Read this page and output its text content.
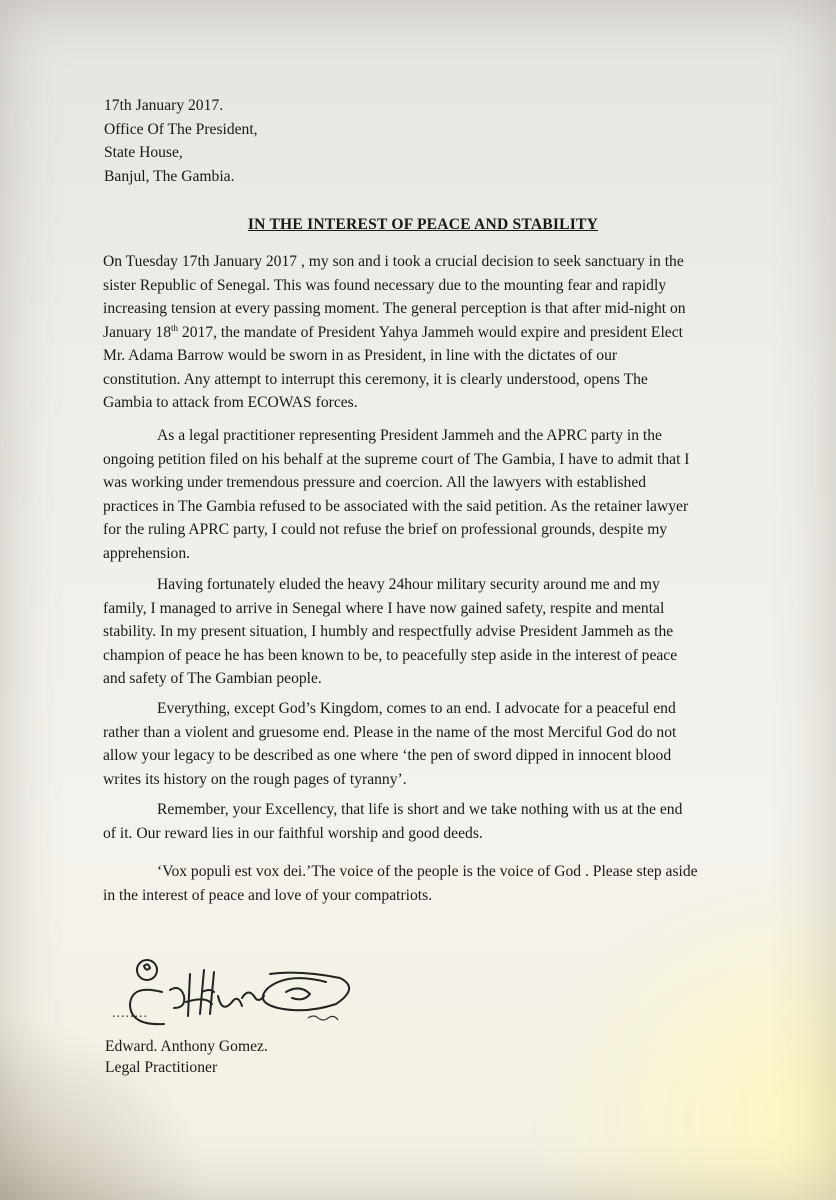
17th January 2017.
Office Of The President,
State House,
Banjul, The Gambia.
IN THE INTEREST OF PEACE AND STABILITY
On Tuesday 17th January 2017 , my son and i took a crucial decision to seek sanctuary in the
sister Republic of Senegal. This was found necessary due to the mounting fear and rapidly
increasing tension at every passing moment. The general perception is that after mid-night on
January 18th 2017, the mandate of President Yahya Jammeh would expire and president Elect
Mr. Adama Barrow would be sworn in as President, in line with the dictates of our
constitution. Any attempt to interrupt this ceremony, it is clearly understood, opens The
Gambia to attack from ECOWAS forces.
As a legal practitioner representing President Jammeh and the APRC party in the
ongoing petition filed on his behalf at the supreme court of The Gambia, I have to admit that I
was working under tremendous pressure and coercion. All the lawyers with established
practices in The Gambia refused to be associated with the said petition. As the retainer lawyer
for the ruling APRC party, I could not refuse the brief on professional grounds, despite my
apprehension.
Having fortunately eluded the heavy 24hour military security around me and my
family, I managed to arrive in Senegal where I have now gained safety, respite and mental
stability. In my present situation, I humbly and respectfully advise President Jammeh as the
champion of peace he has been known to be, to peacefully step aside in the interest of peace
and safety of The Gambian people.
Everything, except God’s Kingdom, comes to an end. I advocate for a peaceful end
rather than a violent and gruesome end. Please in the name of the most Merciful God do not
allow your legacy to be described as one where ‘the pen of sword dipped in innocent blood
writes its history on the rough pages of tyranny’.
Remember, your Excellency, that life is short and we take nothing with us at the end
of it. Our reward lies in our faithful worship and good deeds.
‘Vox populi est vox dei.’The voice of the people is the voice of God . Please step aside
in the interest of peace and love of your compatriots.
........
Edward. Anthony Gomez.
Legal Practitioner
